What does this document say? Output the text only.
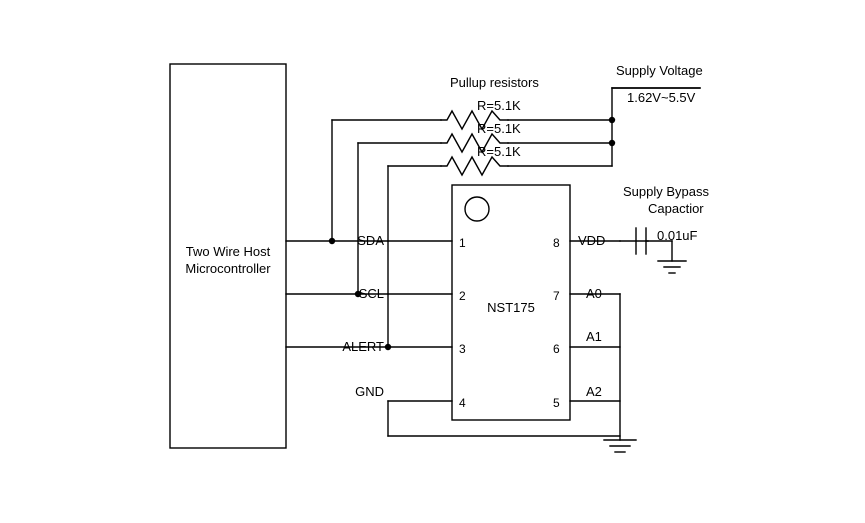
Two Wire Host
Microcontroller
NST175
SDA
SCL
ALERT
GND
1
2
3
4
8
7
6
5
VDD
A0
A1
A2
Pullup resistors
R=5.1K
R=5.1K
R=5.1K
Supply Voltage
1.62V~5.5V
Supply Bypass
Capactior
0.01uF
